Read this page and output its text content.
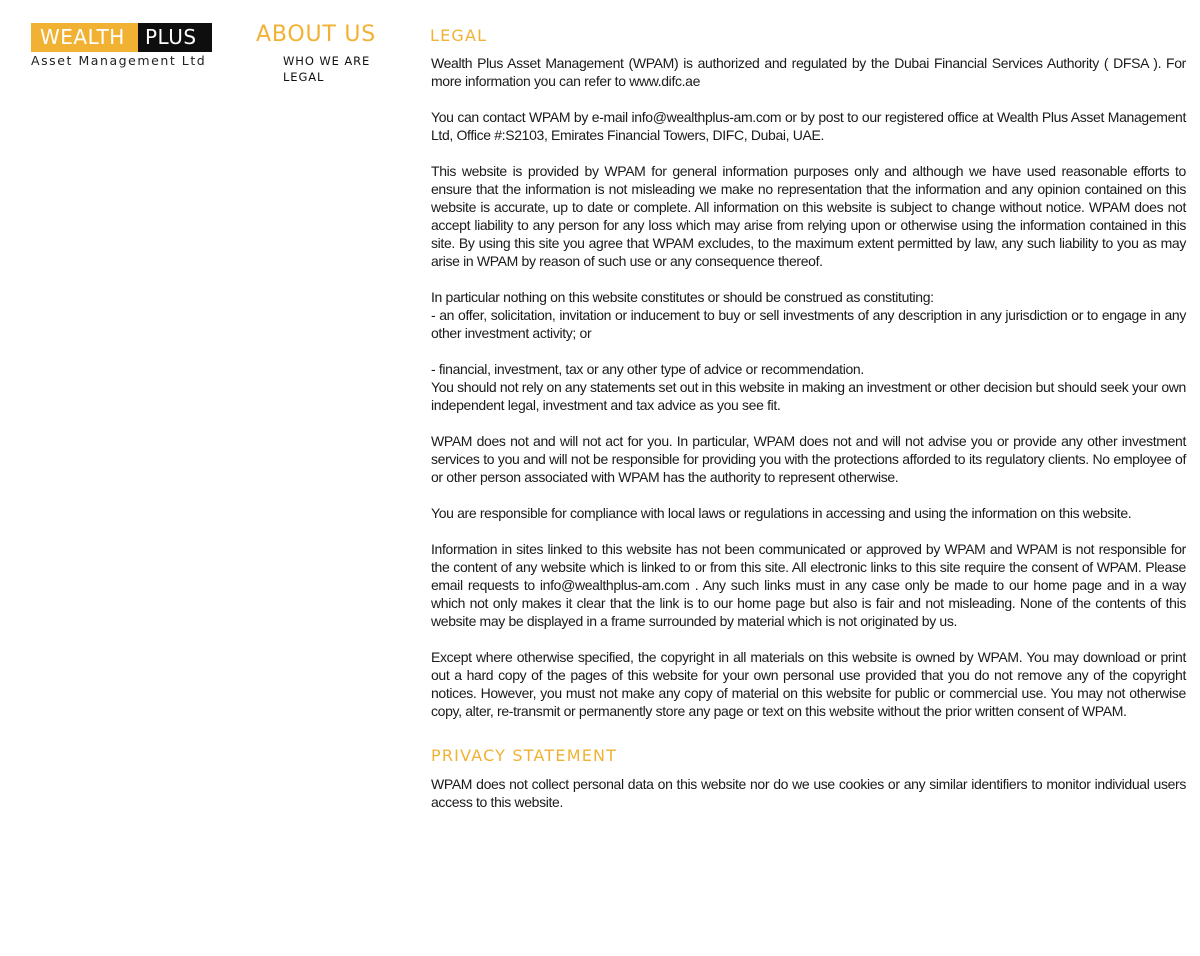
WEALTH	PLUS
Asset Management Ltd
ABOUT US
WHO WE ARE
LEGAL
LEGAL

Wealth Plus Asset Management (WPAM) is authorized and regulated by the Dubai Financial Services Authority ( DFSA ). For more information you can refer to www.difc.ae

You can contact WPAM by e-mail info@wealthplus-am.com or by post to our registered office at Wealth Plus Asset Management Ltd, Office #:S2103, Emirates Financial Towers, DIFC, Dubai, UAE.

This website is provided by WPAM for general information purposes only and although we have used reasonable efforts to ensure that the information is not misleading we make no representation that the information and any opinion contained on this website is accurate, up to date or complete. All information on this website is subject to change without notice. WPAM does not accept liability to any person for any loss which may arise from relying upon or otherwise using the information contained in this site. By using this site you agree that WPAM excludes, to the maximum extent permitted by law, any such liability to you as may arise in WPAM by reason of such use or any consequence thereof.

In particular nothing on this website constitutes or should be construed as constituting:
- an offer, solicitation, invitation or inducement to buy or sell investments of any description in any jurisdiction or to engage in any other investment activity; or

- financial, investment, tax or any other type of advice or recommendation.
You should not rely on any statements set out in this website in making an investment or other decision but should seek your own independent legal, investment and tax advice as you see fit.

WPAM does not and will not act for you. In particular, WPAM does not and will not advise you or provide any other investment services to you and will not be responsible for providing you with the protections afforded to its regulatory clients. No employee of or other person associated with WPAM has the authority to represent otherwise.

You are responsible for compliance with local laws or regulations in accessing and using the information on this website.

Information in sites linked to this website has not been communicated or approved by WPAM and WPAM is not responsible for the content of any website which is linked to or from this site. All electronic links to this site require the consent of WPAM. Please email requests to info@wealthplus-am.com . Any such links must in any case only be made to our home page and in a way which not only makes it clear that the link is to our home page but also is fair and not misleading. None of the contents of this website may be displayed in a frame surrounded by material which is not originated by us.

Except where otherwise specified, the copyright in all materials on this website is owned by WPAM. You may download or print out a hard copy of the pages of this website for your own personal use provided that you do not remove any of the copyright notices. However, you must not make any copy of material on this website for public or commercial use. You may not otherwise copy, alter, re-transmit or permanently store any page or text on this website without the prior written consent of WPAM.

PRIVACY STATEMENT

WPAM does not collect personal data on this website nor do we use cookies or any similar identifiers to monitor individual users access to this website.
